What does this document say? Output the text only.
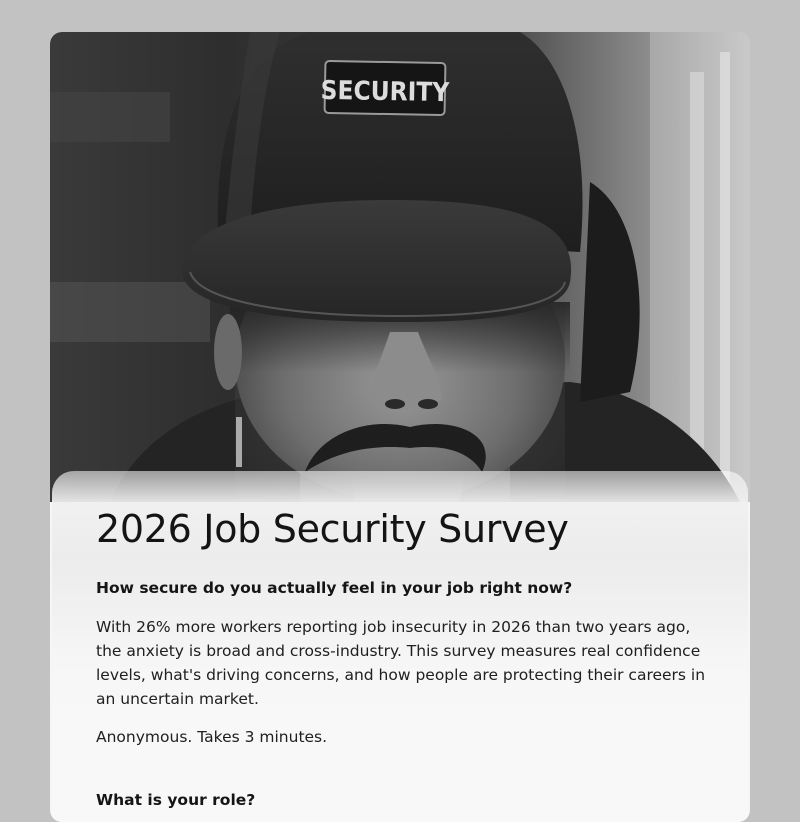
SECURITY
2026 Job Security Survey

How secure do you actually feel in your job right now?

With 26% more workers reporting job insecurity in 2026 than two years ago, the anxiety is broad and cross-industry. This survey measures real confidence levels, what's driving concerns, and how people are protecting their careers in an uncertain market.

Anonymous. Takes 3 minutes.

What is your role?
